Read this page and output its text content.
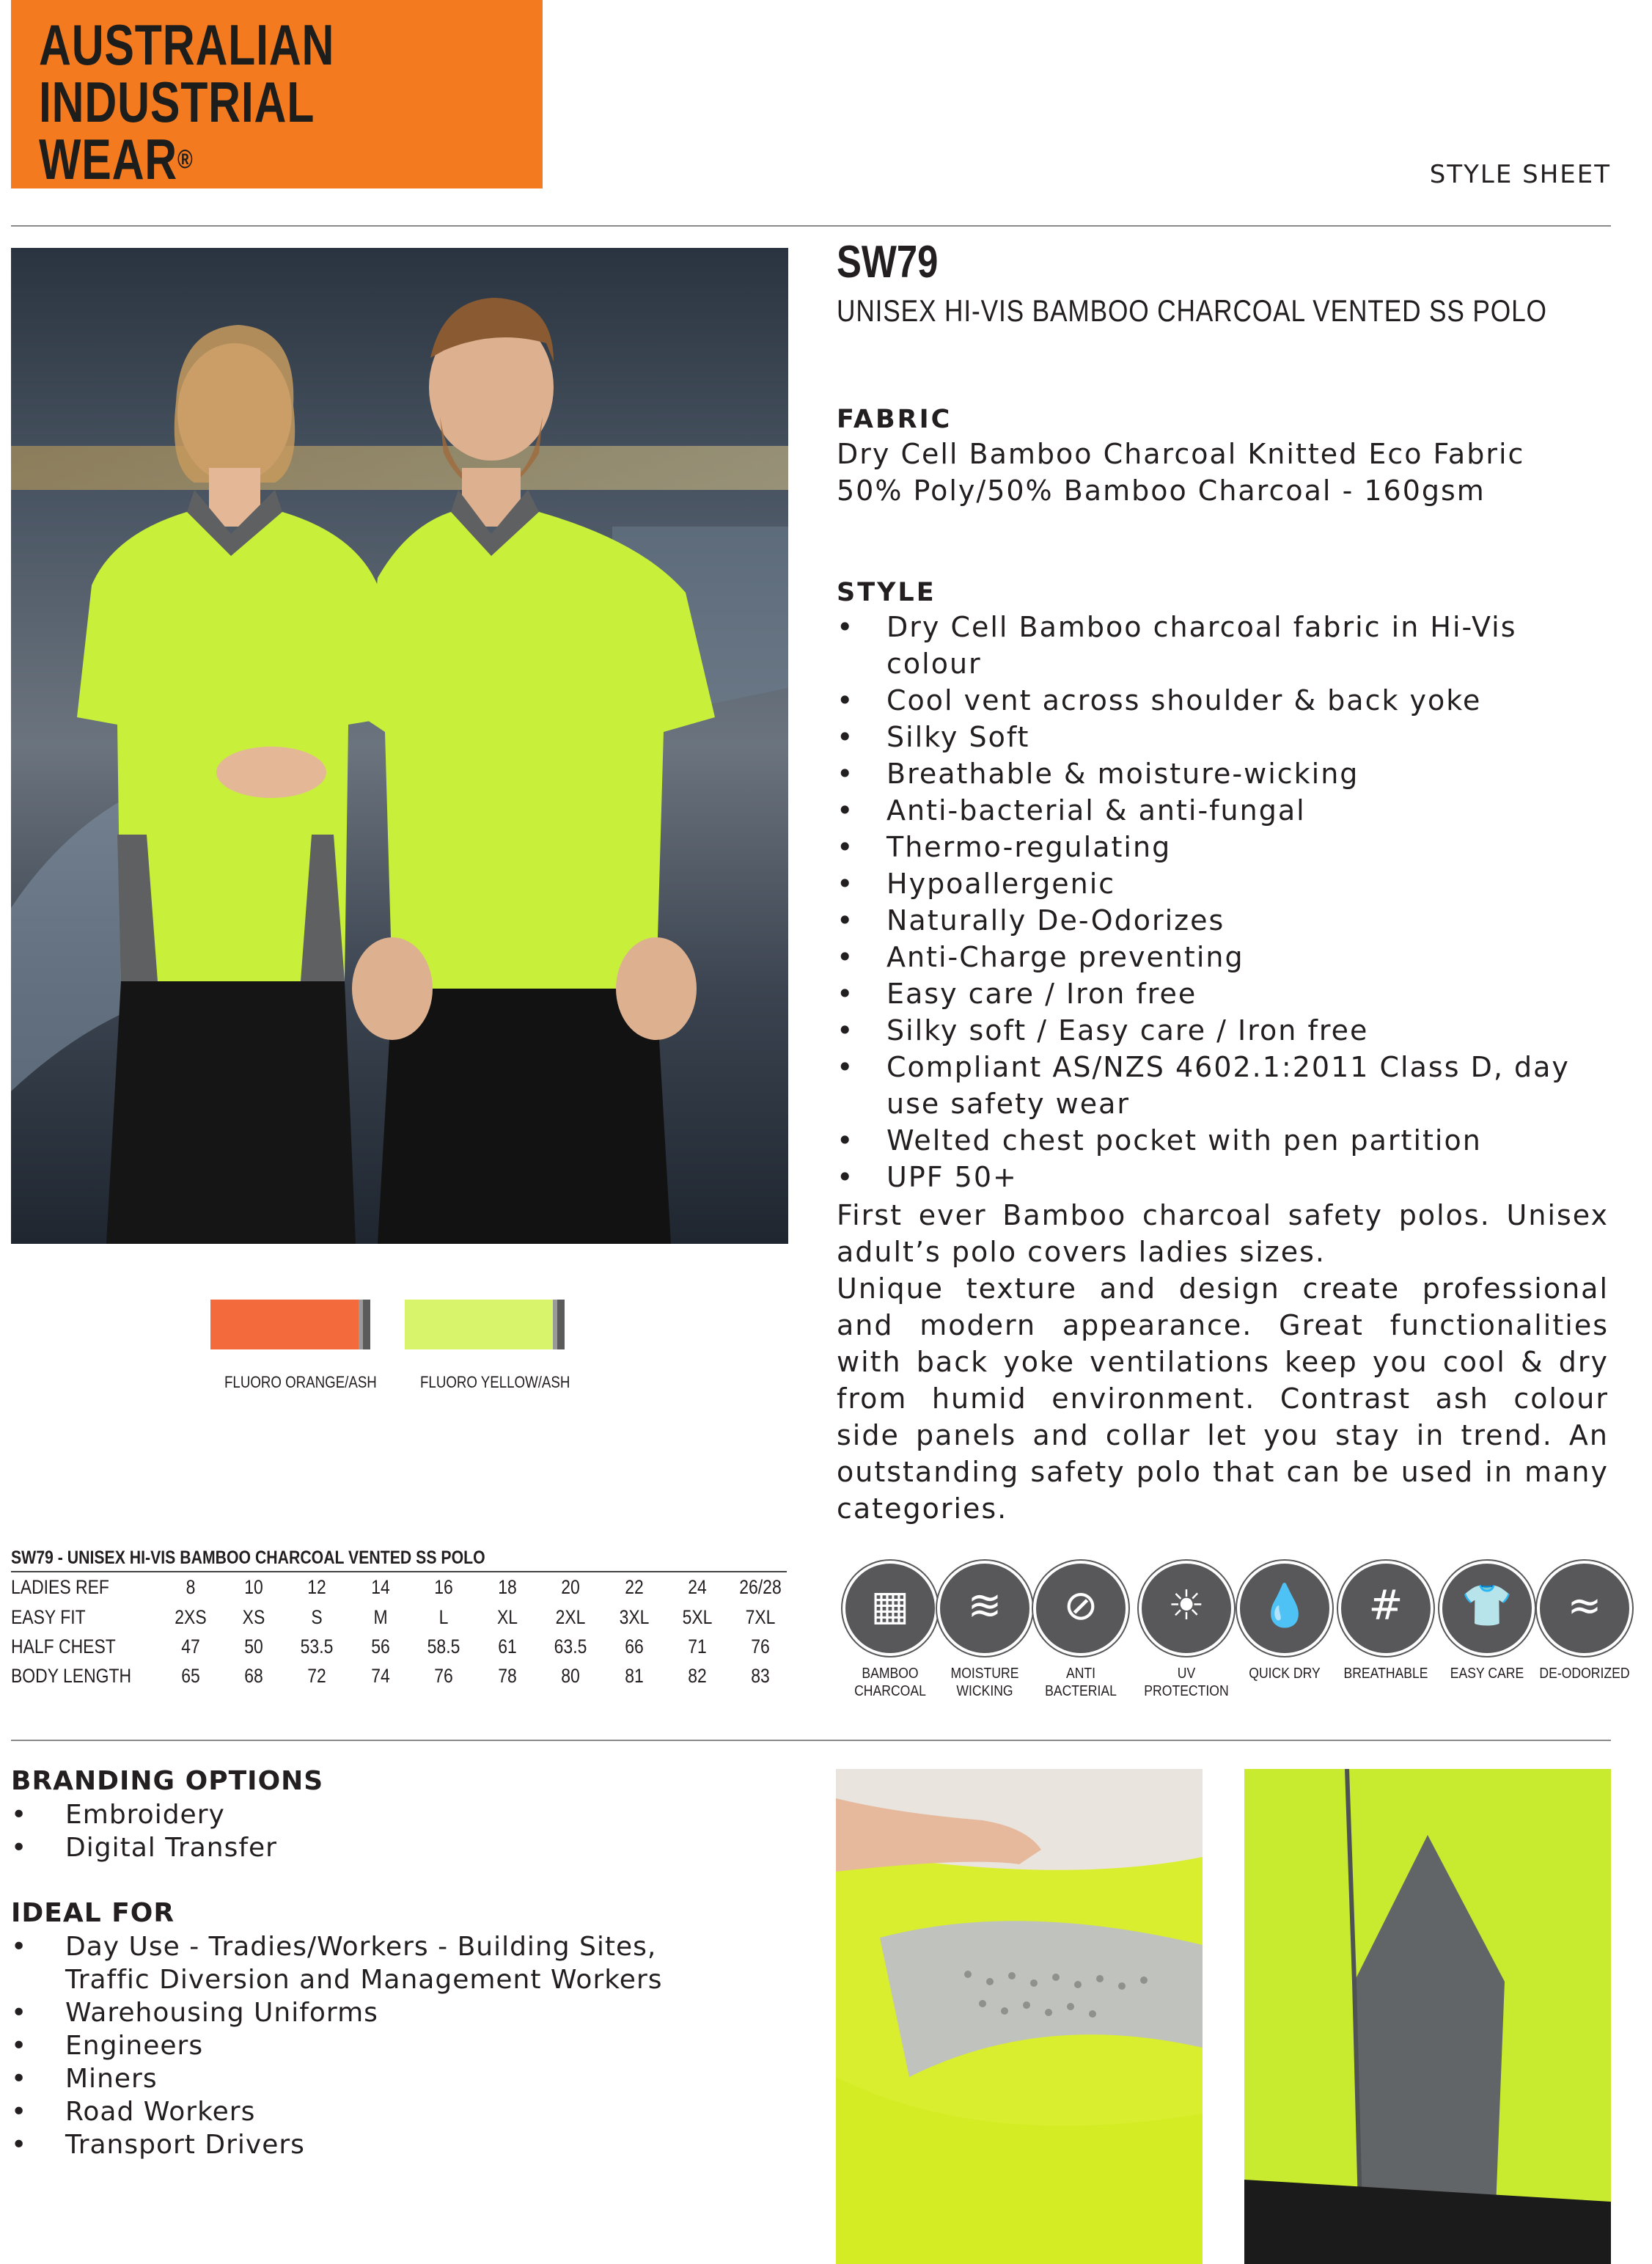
AUSTRALIAN
INDUSTRIAL
WEAR®
STYLE SHEET
SW79
UNISEX HI-VIS BAMBOO CHARCOAL VENTED SS POLO
FABRIC
Dry Cell Bamboo Charcoal Knitted Eco Fabric
50% Poly/50% Bamboo Charcoal - 160gsm
STYLE
• Dry Cell Bamboo charcoal fabric in Hi-Vis colour
• Cool vent across shoulder & back yoke
• Silky Soft
• Breathable & moisture-wicking
• Anti-bacterial & anti-fungal
• Thermo-regulating
• Hypoallergenic
• Naturally De-Odorizes
• Anti-Charge preventing
• Easy care / Iron free
• Silky soft / Easy care / Iron free
• Compliant AS/NZS 4602.1:2011 Class D, day use safety wear
• Welted chest pocket with pen partition
• UPF 50+
First ever Bamboo charcoal safety polos. Unisex adult’s polo covers ladies sizes.
Unique texture and design create professional and modern appearance. Great functionalities with back yoke ventilations keep you cool & dry from humid environment. Contrast ash colour side panels and collar let you stay in trend. An outstanding safety polo that can be used in many categories.
FLUORO ORANGE/ASH	FLUORO YELLOW/ASH
SW79 - UNISEX HI-VIS BAMBOO CHARCOAL VENTED SS POLO
LADIES REF	8	10	12	14	16	18	20	22	24	26/28
EASY FIT	2XS	XS	S	M	L	XL	2XL	3XL	5XL	7XL
HALF CHEST	47	50	53.5	56	58.5	61	63.5	66	71	76
BODY LENGTH	65	68	72	74	76	78	80	81	82	83
▦
BAMBOO
CHARCOAL
≋
MOISTURE
WICKING
⊘
ANTI BACTERIAL
☀
UV PROTECTION
💧
QUICK DRY
#
BREATHABLE
👕
EASY CARE
≈
DE-ODORIZED
BRANDING OPTIONS
• Embroidery
• Digital Transfer
IDEAL FOR
• Day Use - Tradies/Workers - Building Sites, Traffic Diversion and Management Workers
• Warehousing Uniforms
• Engineers
• Miners
• Road Workers
• Transport Drivers
